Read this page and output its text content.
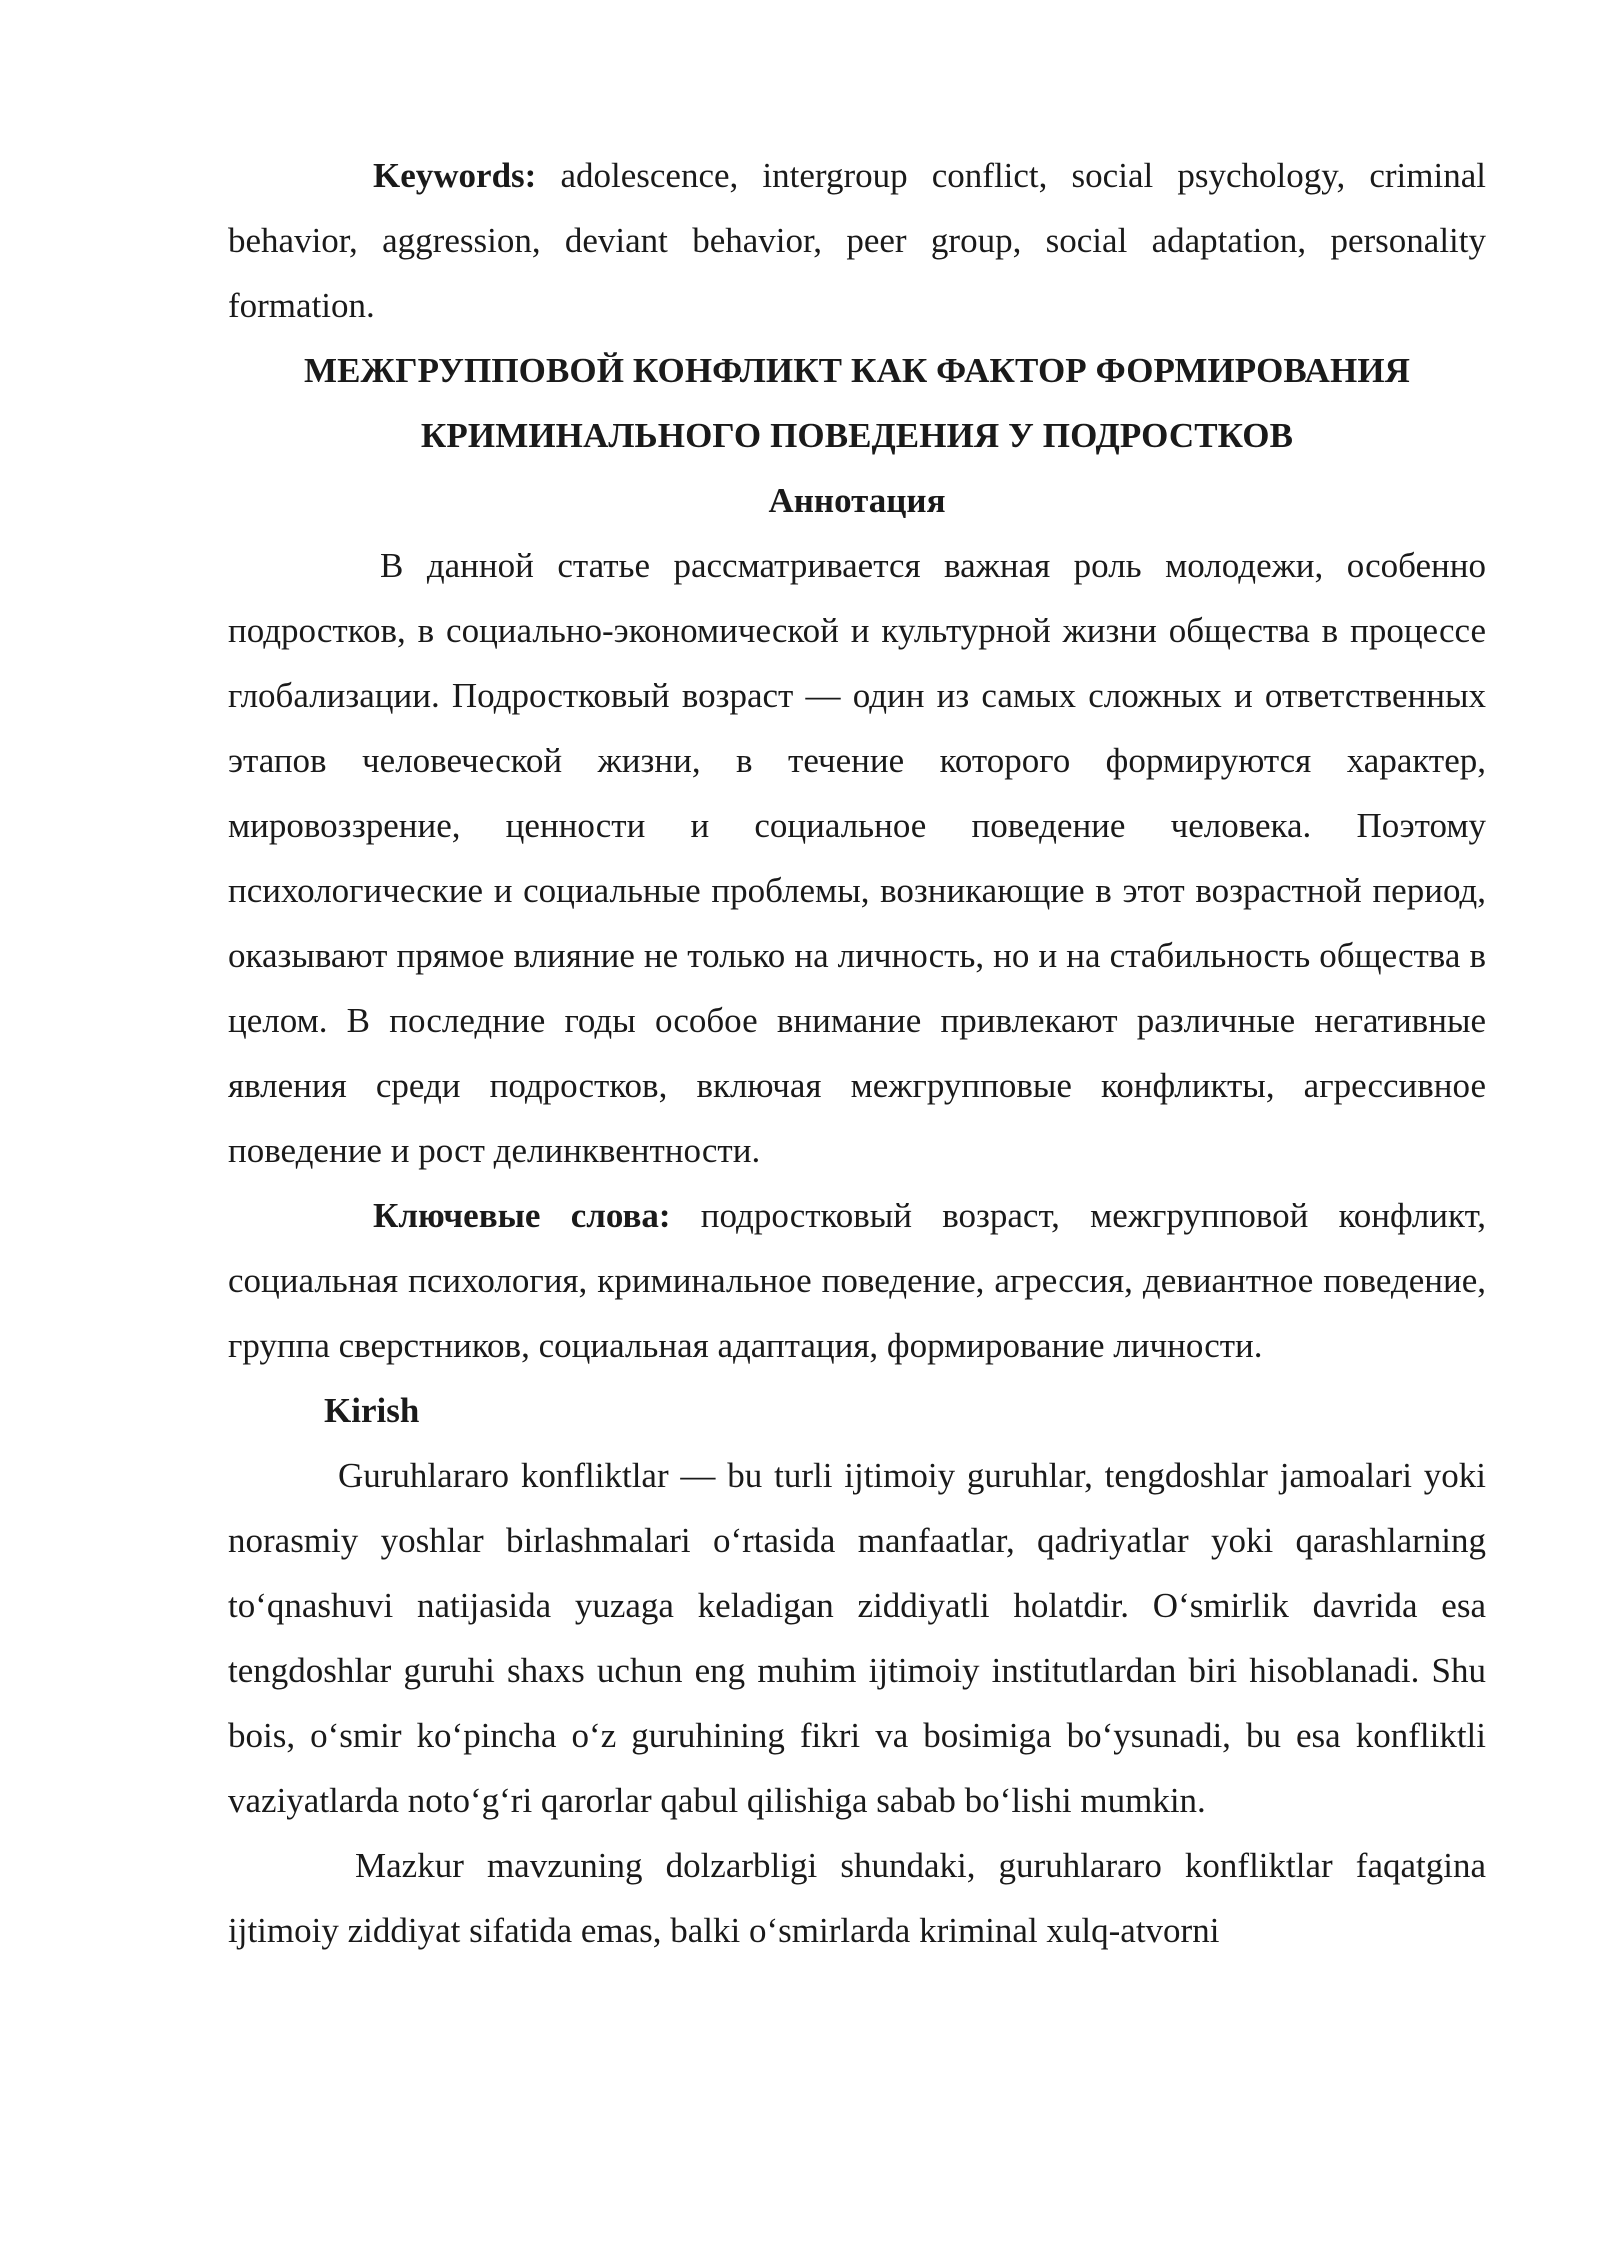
Keywords: adolescence, intergroup conflict, social psychology, criminal behavior, aggression, deviant behavior, peer group, social adaptation, personality formation.

МЕЖГРУППОВОЙ КОНФЛИКТ КАК ФАКТОР ФОРМИРОВАНИЯ
КРИМИНАЛЬНОГО ПОВЕДЕНИЯ У ПОДРОСТКОВ
Аннотация

В данной статье рассматривается важная роль молодежи, особенно подростков, в социально-экономической и культурной жизни общества в процессе глобализации. Подростковый возраст — один из самых сложных и ответственных этапов человеческой жизни, в течение которого формируются характер, мировоззрение, ценности и социальное поведение человека. Поэтому психологические и социальные проблемы, возникающие в этот возрастной период, оказывают прямое влияние не только на личность, но и на стабильность общества в целом. В последние годы особое внимание привлекают различные негативные явления среди подростков, включая межгрупповые конфликты, агрессивное поведение и рост делинквентности.

Ключевые слова: подростковый возраст, межгрупповой конфликт, социальная психология, криминальное поведение, агрессия, девиантное поведение, группа сверстников, социальная адаптация, формирование личности.

Kirish

Guruhlararo konfliktlar — bu turli ijtimoiy guruhlar, tengdoshlar jamoalari yoki norasmiy yoshlar birlashmalari oʻrtasida manfaatlar, qadriyatlar yoki qarashlarning toʻqnashuvi natijasida yuzaga keladigan ziddiyatli holatdir. Oʻsmirlik davrida esa tengdoshlar guruhi shaxs uchun eng muhim ijtimoiy institutlardan biri hisoblanadi. Shu bois, oʻsmir koʻpincha oʻz guruhining fikri va bosimiga boʻysunadi, bu esa konfliktli vaziyatlarda notoʻgʻri qarorlar qabul qilishiga sabab boʻlishi mumkin.

Mazkur mavzuning dolzarbligi shundaki, guruhlararo konfliktlar faqatgina ijtimoiy ziddiyat sifatida emas, balki oʻsmirlarda kriminal xulq-atvorni
